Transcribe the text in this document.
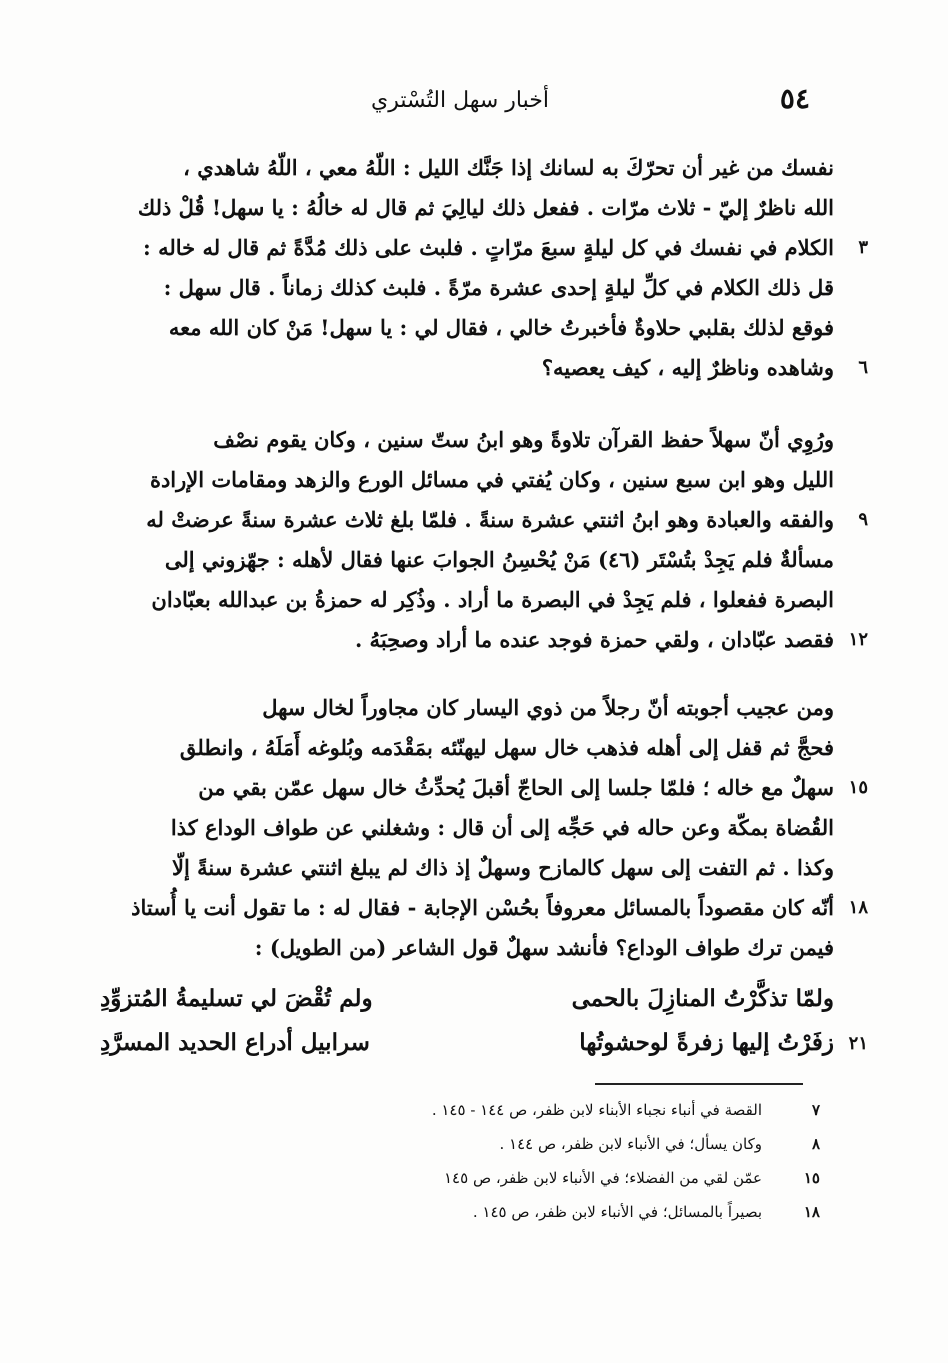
٥٤
أخبار سهل التُسْتري
نفسك من غير أن تحرّكَ به لسانك إذا جَنَّك الليل : اللّهُ معي ، اللّهُ شاهدي ،
الله ناظرٌ إليّ - ثلاث مرّات . ففعل ذلك ليالِيَ ثم قال له خالُهُ : يا سهل! قُلْ ذلك
٣
الكلام في نفسك في كل ليلةٍ سبعَ مرّاتٍ . فلبث على ذلك مُدَّةً ثم قال له خاله :
قل ذلك الكلام في كلِّ ليلةٍ إحدى عشرة مرّةً . فلبث كذلك زماناً . قال سهل :
فوقع لذلك بقلبي حلاوةٌ فأخبرتُ خالي ، فقال لي : يا سهل! مَنْ كان الله معه
٦
وشاهده وناظرٌ إليه ، كيف يعصيه؟
ورُوِي أنّ سهلاً حفظ القرآن تلاوةً وهو ابنُ ستّ سنين ، وكان يقوم نصْف
الليل وهو ابن سبع سنين ، وكان يُفتي في مسائل الورع والزهد ومقامات الإرادة
٩
والفقه والعبادة وهو ابنُ اثنتي عشرة سنةً . فلمّا بلغ ثلاث عشرة سنةً عرضتْ له
مسألةٌ فلم يَجِدْ بتُسْتَر (٤٦) مَنْ يُحْسِنُ الجوابَ عنها فقال لأهله : جهّزوني إلى
البصرة ففعلوا ، فلم يَجِدْ في البصرة ما أراد . وذُكِر له حمزةُ بن عبدالله بعبّادان
١٢
فقصد عبّادان ، ولقي حمزة فوجد عنده ما أراد وصحِبَهُ .
ومن عجيب أجوبته أنّ رجلاً من ذوي اليسار كان مجاوراً لخال سهل
فحجَّ ثم قفل إلى أهله فذهب خال سهل ليهنّئه بمَقْدَمه وبُلوغه أَمَلَهُ ، وانطلق
١٥
سهلٌ مع خاله ؛ فلمّا جلسا إلى الحاجّ أقبلَ يُحدِّثُ خال سهل عمّن بقي من
القُضاة بمكّة وعن حاله في حَجِّه إلى أن قال : وشغلني عن طواف الوداع كذا
وكذا . ثم التفت إلى سهل كالمازح وسهلٌ إذ ذاك لم يبلغ اثنتي عشرة سنةً إلّا
١٨
أنّه كان مقصوداً بالمسائل معروفاً بحُسْن الإجابة - فقال له : ما تقول أنت يا أُستاذ
فيمن ترك طواف الوداع؟ فأنشد سهلٌ قول الشاعر (من الطويل) :
ولمّا تذكَّرْتُ المنازِلَ بالحمى
ولم تُقْضَ لي تسليمةُ المُتزوِّدِ
٢١
زفَرْتُ إليها زفرةً لوحشوتُها
سرابيل أدراع الحديد المسرَّدِ
٧
القصة في أنباء نجباء الأبناء لابن ظفر، ص ١٤٤ - ١٤٥ .
٨
وكان يسأل؛ في الأنباء لابن ظفر، ص ١٤٤ .
١٥
عمّن لقي من الفضلاء؛ في الأنباء لابن ظفر، ص ١٤٥
١٨
بصيراً بالمسائل؛ في الأنباء لابن ظفر، ص ١٤٥ .
